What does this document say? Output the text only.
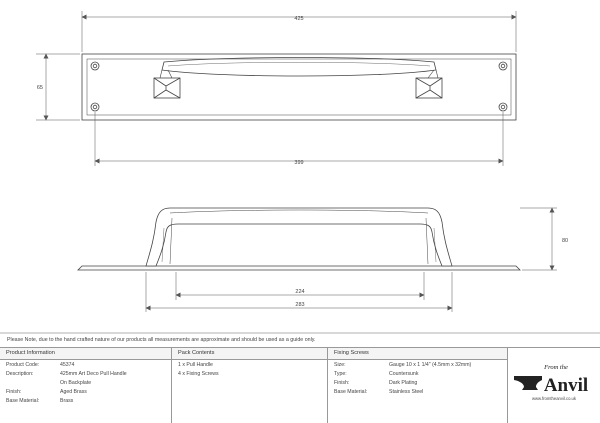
425
65
399
80
224
283
Please Note, due to the hand crafted nature of our products all measurements are approximate and should be used as a guide only.
Product Information
Product Code:	45374
Description:	425mm Art Deco Pull Handle
On Backplate
Finish:	Aged Brass
Base Material:	Brass
Pack Contents
1 x Pull Handle
4 x Fixing Screws
Fixing Screws
Size:	Gauge 10 x 1 1/4" (4.5mm x 32mm)
Type:	Countersunk
Finish:	Dark Plating
Base Material:	Stainless Steel
From the
Anvil
www.fromtheanvil.co.uk
